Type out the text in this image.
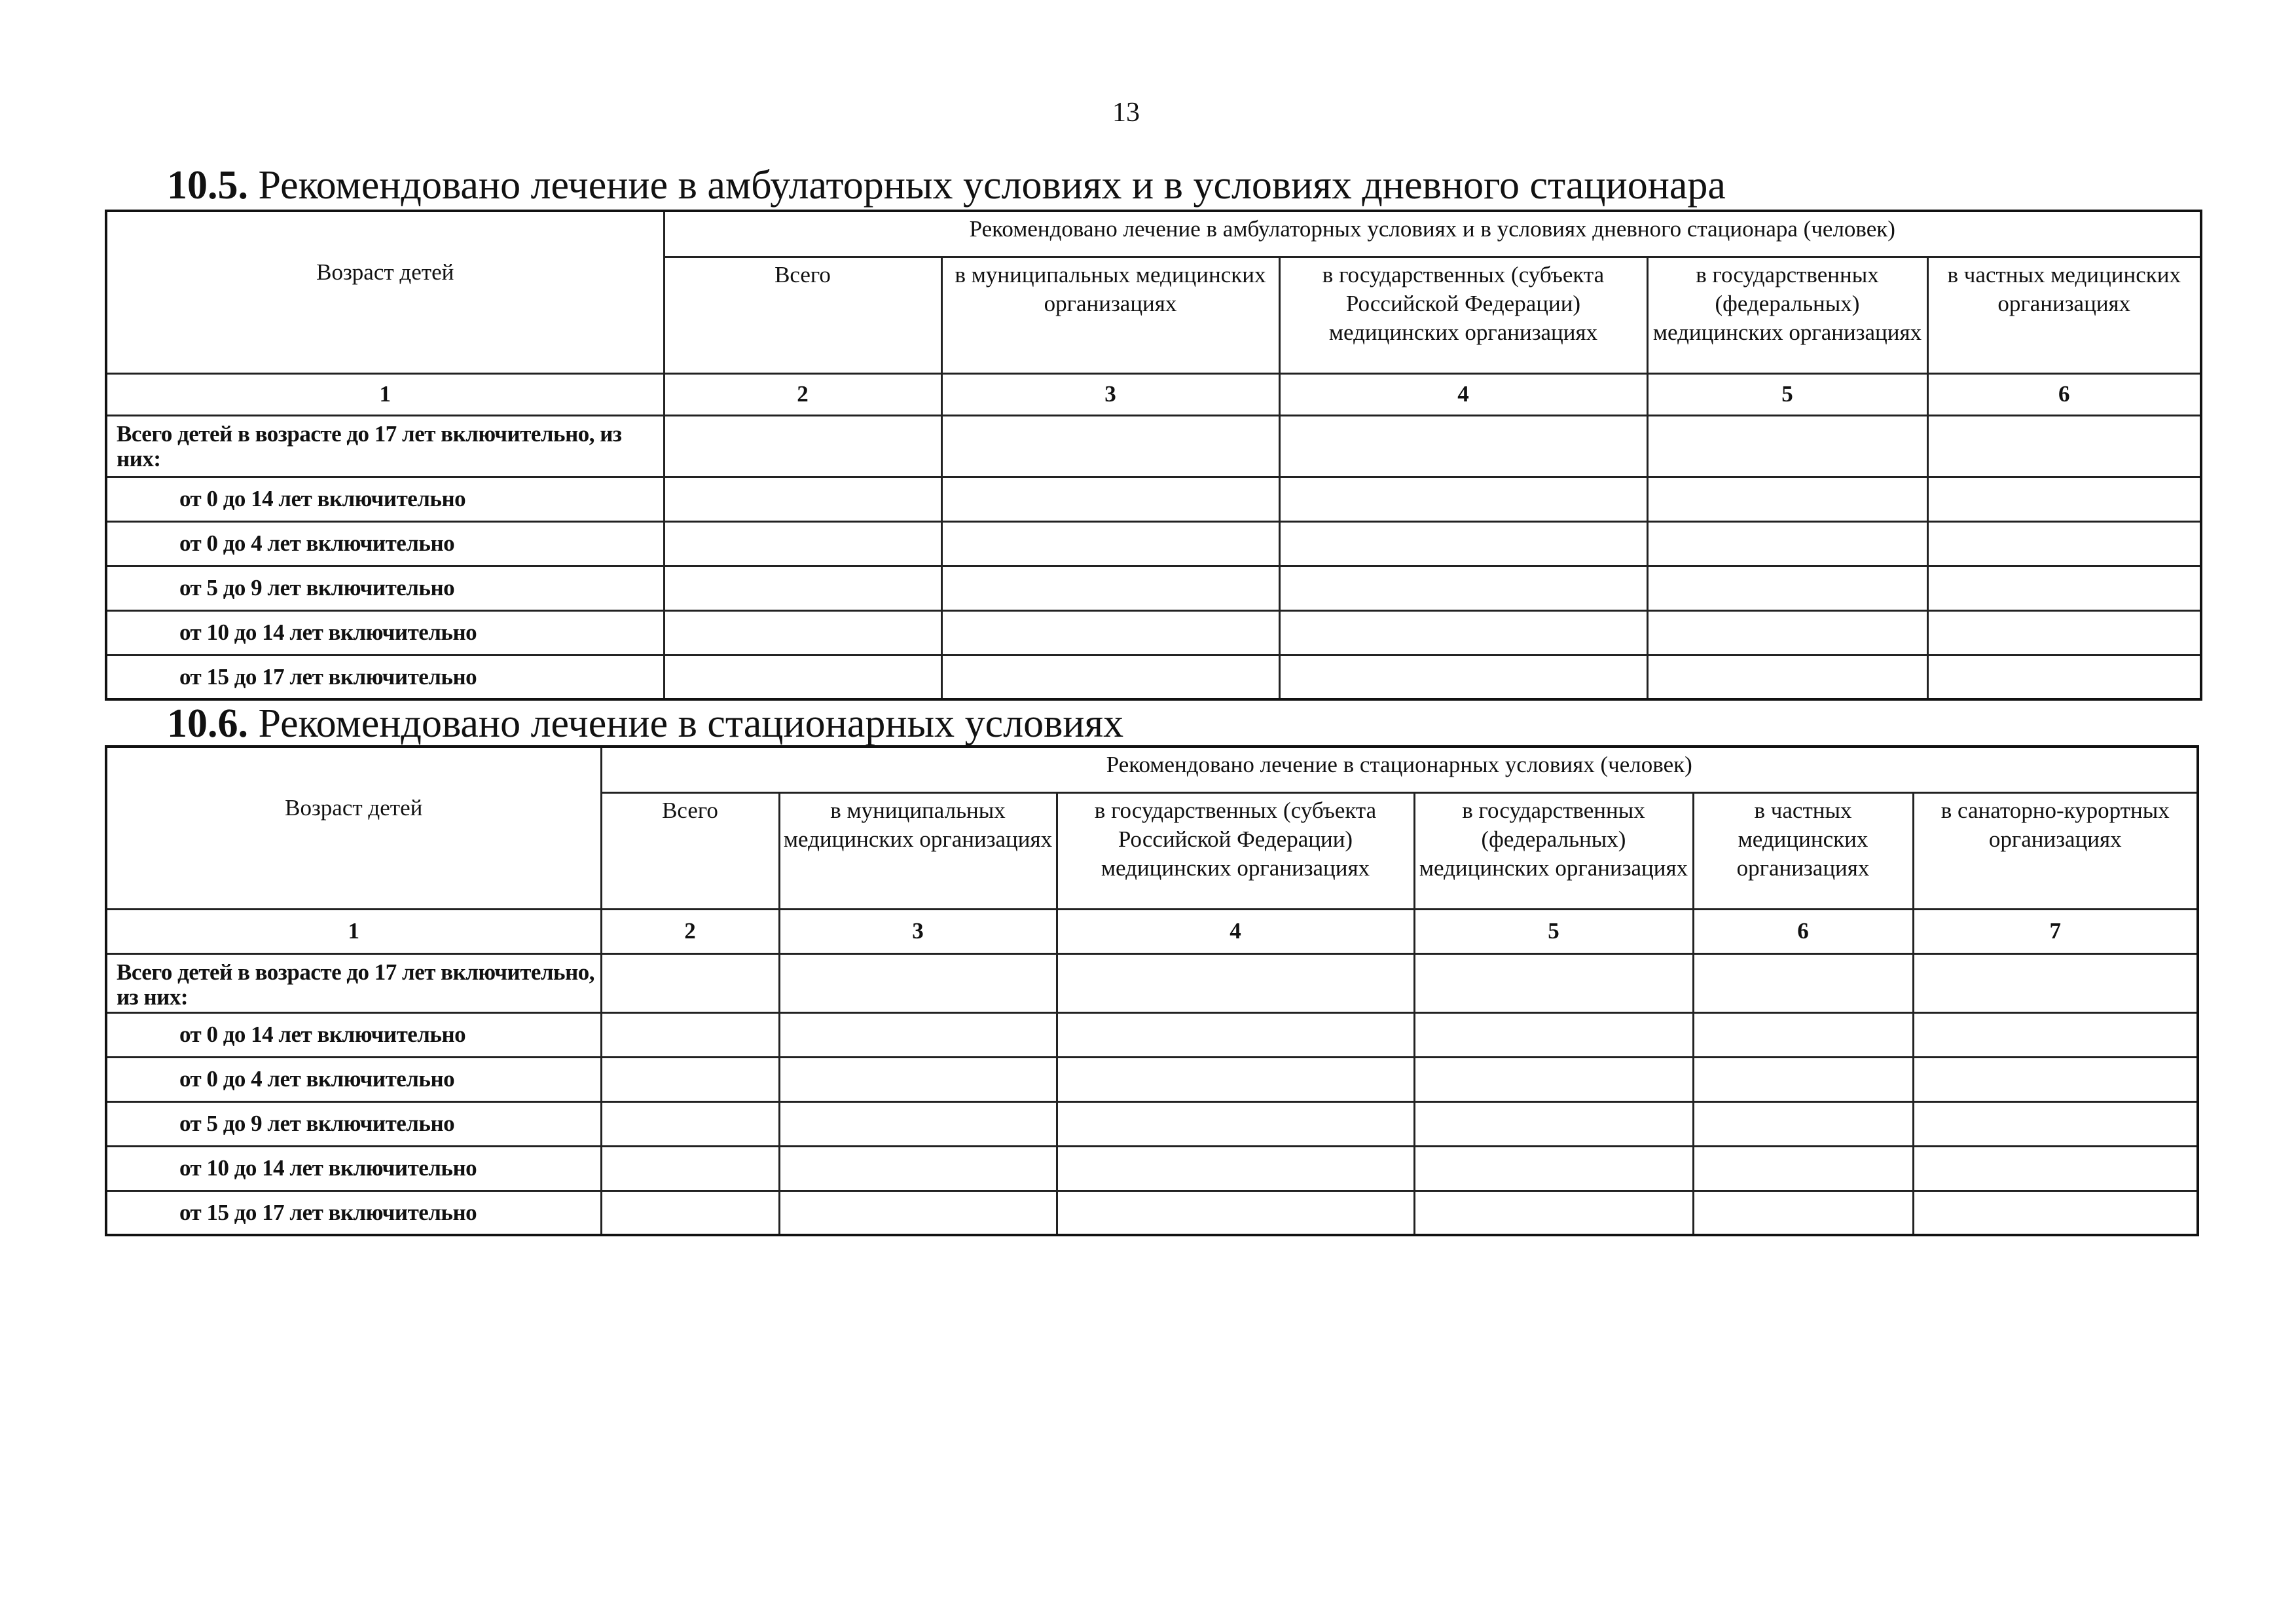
13
10.5. Рекомендовано лечение в амбулаторных условиях и в условиях дневного стационара
Возраст детей	Рекомендовано лечение в амбулаторных условиях и в условиях дневного стационара (человек)				
	Всего	в муниципальных медицинских организациях	в государственных (субъекта Российской Федерации) медицинских организациях	в государственных (федеральных) медицинских организациях	в частных медицинских организациях
1	2	3	4	5	6
Всего детей в возрасте до 17 лет включительно, из них:					
от 0 до 14 лет включительно					
от 0 до 4 лет включительно					
от 5 до 9 лет включительно					
от 10 до 14 лет включительно					
от 15 до 17 лет включительно					
10.6. Рекомендовано лечение в стационарных условиях
Возраст детей	Рекомендовано лечение в стационарных условиях (человек)					
	Всего	в муниципальных медицинских организациях	в государственных (субъекта Российской Федерации) медицинских организациях	в государственных (федеральных) медицинских организациях	в частных медицинских организациях	в санаторно-курортных организациях
1	2	3	4	5	6	7
Всего детей в возрасте до 17 лет включительно, из них:						
от 0 до 14 лет включительно						
от 0 до 4 лет включительно						
от 5 до 9 лет включительно						
от 10 до 14 лет включительно						
от 15 до 17 лет включительно						
